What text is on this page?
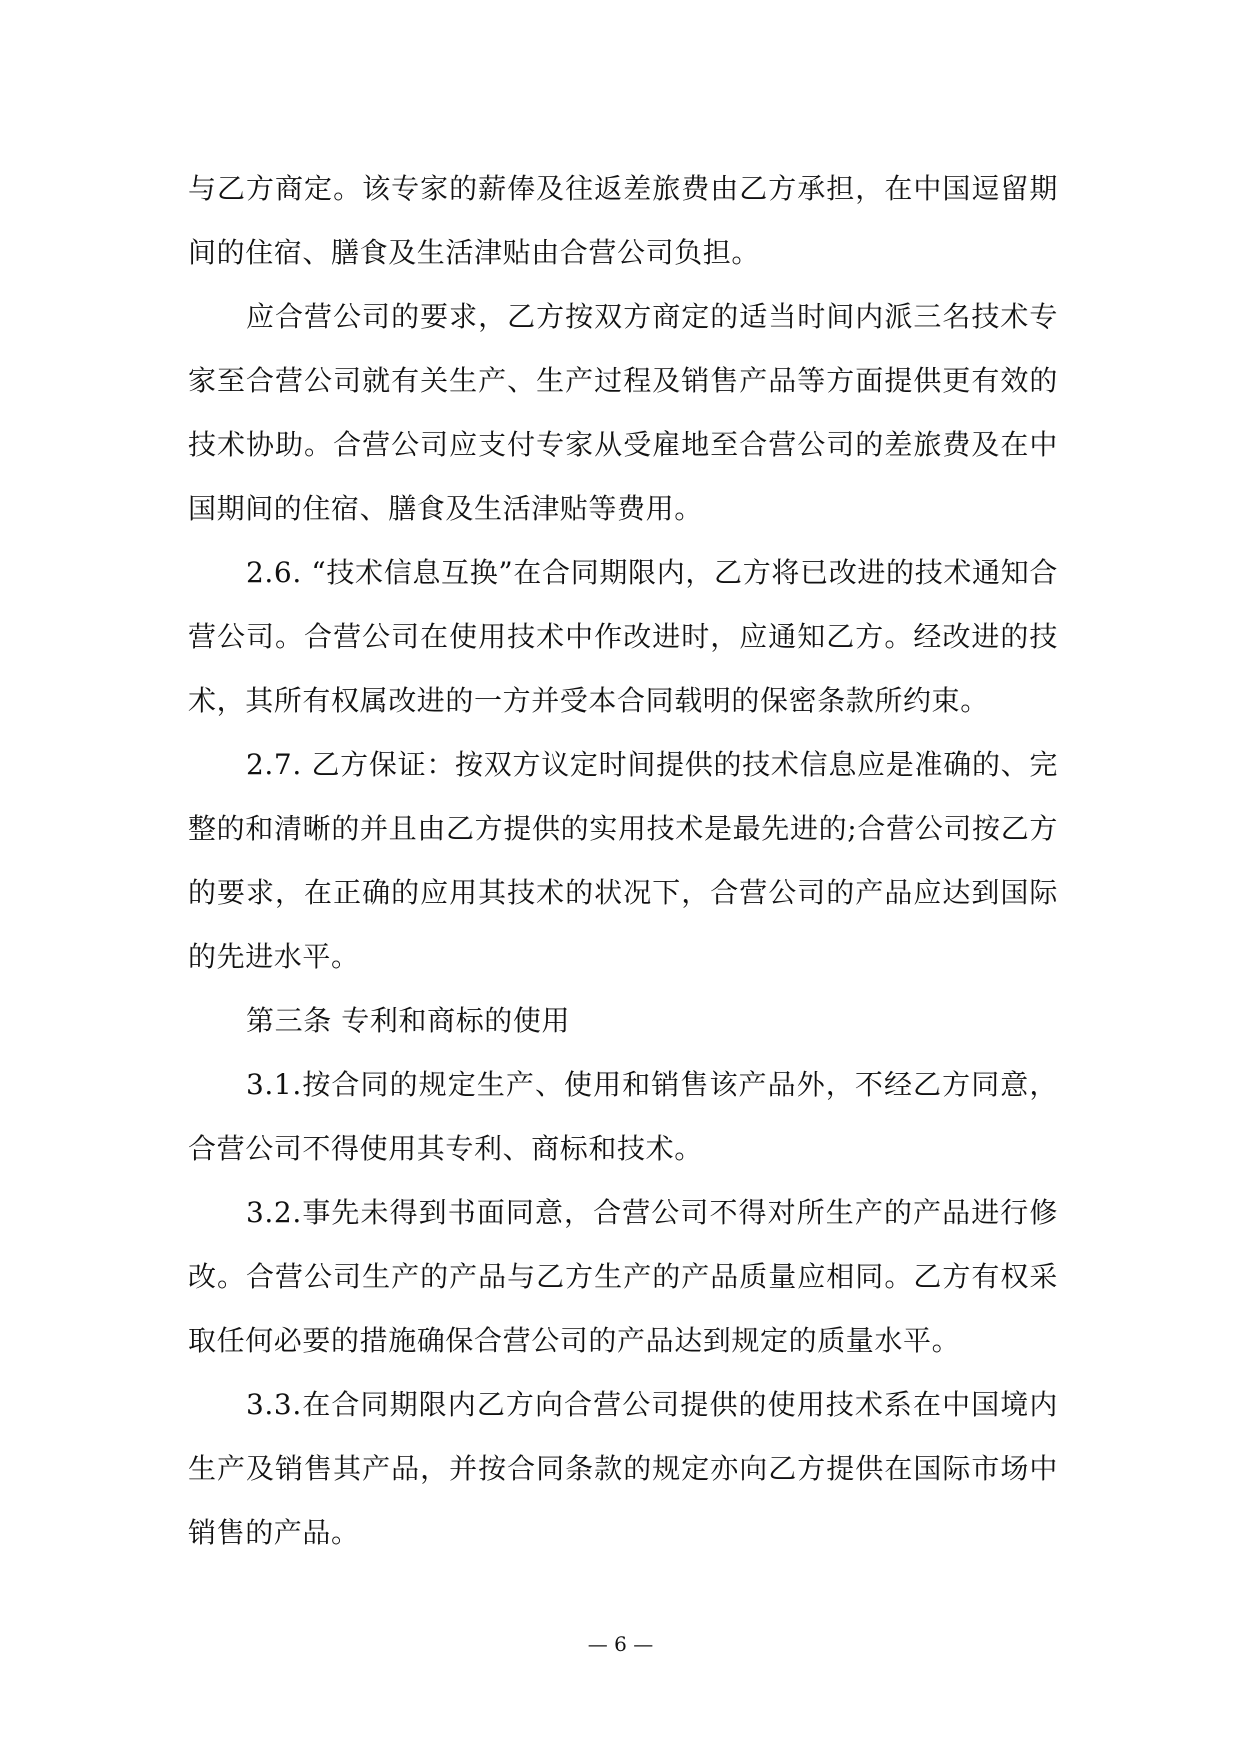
与乙方商定。该专家的薪俸及往返差旅费由乙方承担，在中国逗留期间的住宿、膳食及生活津贴由合营公司负担。

应合营公司的要求，乙方按双方商定的适当时间内派三名技术专家至合营公司就有关生产、生产过程及销售产品等方面提供更有效的技术协助。合营公司应支付专家从受雇地至合营公司的差旅费及在中国期间的住宿、膳食及生活津贴等费用。

2.6. “技术信息互换”在合同期限内，乙方将已改进的技术通知合营公司。合营公司在使用技术中作改进时，应通知乙方。经改进的技术，其所有权属改进的一方并受本合同载明的保密条款所约束。

2.7. 乙方保证：按双方议定时间提供的技术信息应是准确的、完整的和清晰的并且由乙方提供的实用技术是最先进的;合营公司按乙方的要求，在正确的应用其技术的状况下，合营公司的产品应达到国际的先进水平。

第三条 专利和商标的使用

3.1.按合同的规定生产、使用和销售该产品外，不经乙方同意，合营公司不得使用其专利、商标和技术。

3.2.事先未得到书面同意，合营公司不得对所生产的产品进行修改。合营公司生产的产品与乙方生产的产品质量应相同。乙方有权采取任何必要的措施确保合营公司的产品达到规定的质量水平。

3.3.在合同期限内乙方向合营公司提供的使用技术系在中国境内生产及销售其产品，并按合同条款的规定亦向乙方提供在国际市场中销售的产品。

— 6 —
